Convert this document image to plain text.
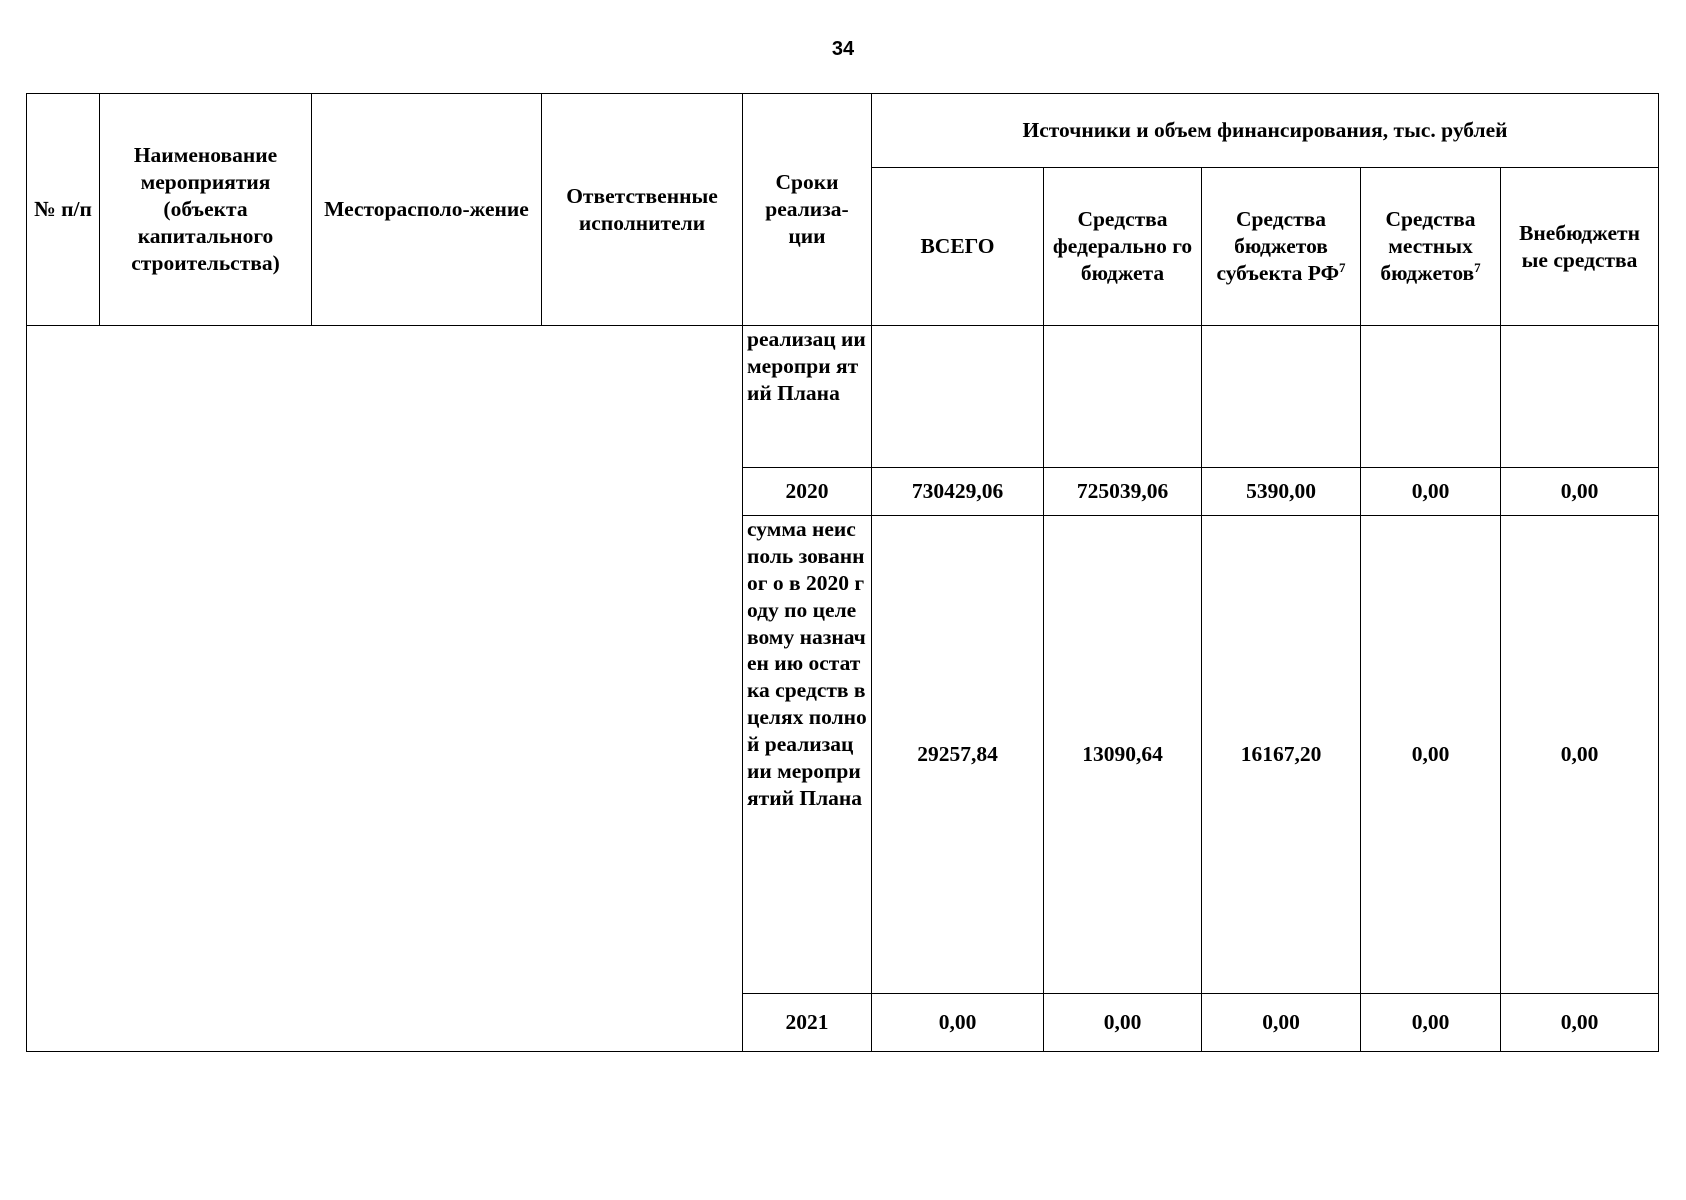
34
№ п/п	Наименование мероприятия (объекта капитального строительства)	Месторасполо-жение	Ответственные исполнители	Сроки реализа-ции	Источники и объем финансирования, тыс. рублей				
					ВСЕГО	Средства федерально го бюджета	Средства бюджетов субъекта $РФ^7$	Средства местных бюджетов$^7$	Внебюджетн ые средства
				реализац ии меропри ятий Плана					
				2020	730429,06	725039,06	5390,00	0,00	0,00
				сумма неисполь зованног о в 2020 году по целевому назначен ию остатка средств в целях полной реализац ии меропри ятий Плана	29257,84	13090,64	16167,20	0,00	0,00
				2021	0,00	0,00	0,00	0,00	0,00
